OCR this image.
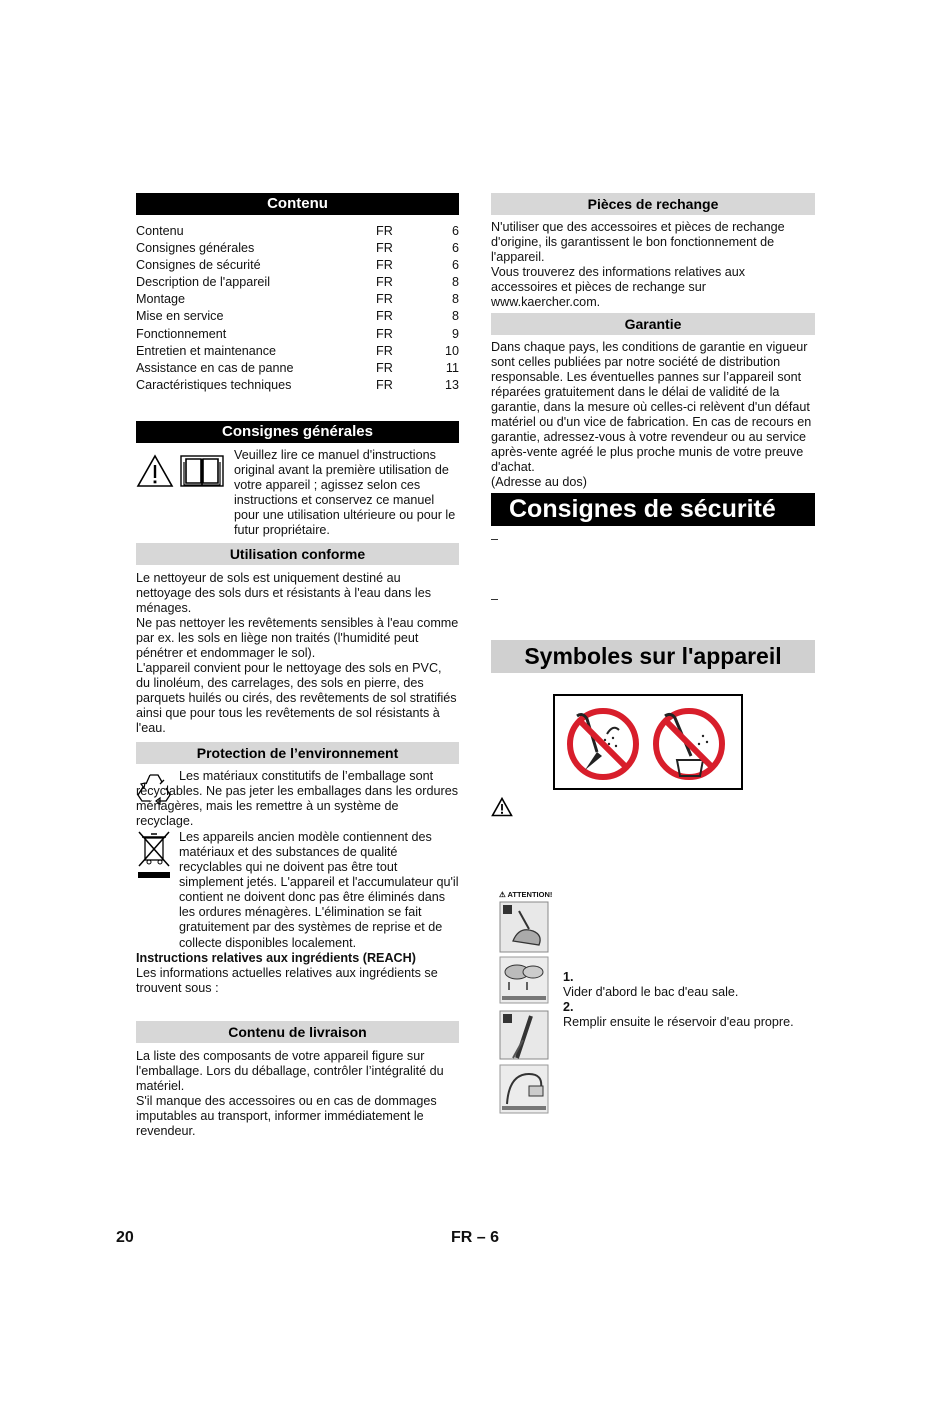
Contenu
Contenu	FR	6
Consignes générales	FR	6
Consignes de sécurité	FR	6
Description de l'appareil	FR	8
Montage	FR	8
Mise en service	FR	8
Fonctionnement	FR	9
Entretien et maintenance	FR	10
Assistance en cas de panne	FR	11
Caractéristiques techniques	FR	13
Consignes générales

Veuillez lire ce manuel d'instructions original avant la première utilisation de votre appareil ; agissez selon ces instructions et conservez ce manuel pour une utilisation ultérieure ou pour le futur propriétaire.

Utilisation conforme

Le nettoyeur de sols est uniquement destiné au nettoyage des sols durs et résistants à l'eau dans les ménages.

Ne pas nettoyer les revêtements sensibles à l'eau comme par ex. les sols en liège non traités (l'humidité peut pénétrer et endommager le sol).

L'appareil convient pour le nettoyage des sols en PVC, du linoléum, des carrelages, des sols en pierre, des parquets huilés ou cirés, des revêtements de sol stratifiés ainsi que pour tous les revêtements de sol résistants à l'eau.

Protection de l’environnement

Les matériaux constitutifs de l’emballage sont recyclables. Ne pas jeter les emballages dans les ordures ménagères, mais les remettre à un système de recyclage.

Les appareils ancien modèle contiennent des matériaux et des substances de qualité recyclables qui ne doivent pas être tout simplement jetés. L'appareil et l'accumulateur qu'il contient ne doivent donc pas être éliminés dans les ordures ménagères. L'élimination se fait gratuitement par des systèmes de reprise et de collecte disponibles localement.

Instructions relatives aux ingrédients (REACH)

Les informations actuelles relatives aux ingrédients se trouvent sous :

Contenu de livraison

La liste des composants de votre appareil figure sur l'emballage. Lors du déballage, contrôler l’intégralité du matériel.

S'il manque des accessoires ou en cas de dommages imputables au transport, informer immédiatement le revendeur.

Pièces de rechange

N'utiliser que des accessoires et pièces de rechange d'origine, ils garantissent le bon fonctionnement de l'appareil.

Vous trouverez des informations relatives aux accessoires et pièces de rechange sur www.kaercher.com.

Garantie

Dans chaque pays, les conditions de garantie en vigueur sont celles publiées par notre société de distribution responsable. Les éventuelles pannes sur l’appareil sont réparées gratuitement dans le délai de validité de la garantie, dans la mesure où celles-ci relèvent d'un défaut matériel ou d'un vice de fabrication. En cas de recours en garantie, adressez-vous à votre revendeur ou au service après-vente agréé le plus proche munis de votre preuve d'achat.

(Adresse au dos)

Consignes de sécurité
–
–
Symboles sur l'appareil
⚠ ATTENTION!

1.

Vider d'abord le bac d'eau sale.

2.

Remplir ensuite le réservoir d'eau propre.

20	FR – 6
